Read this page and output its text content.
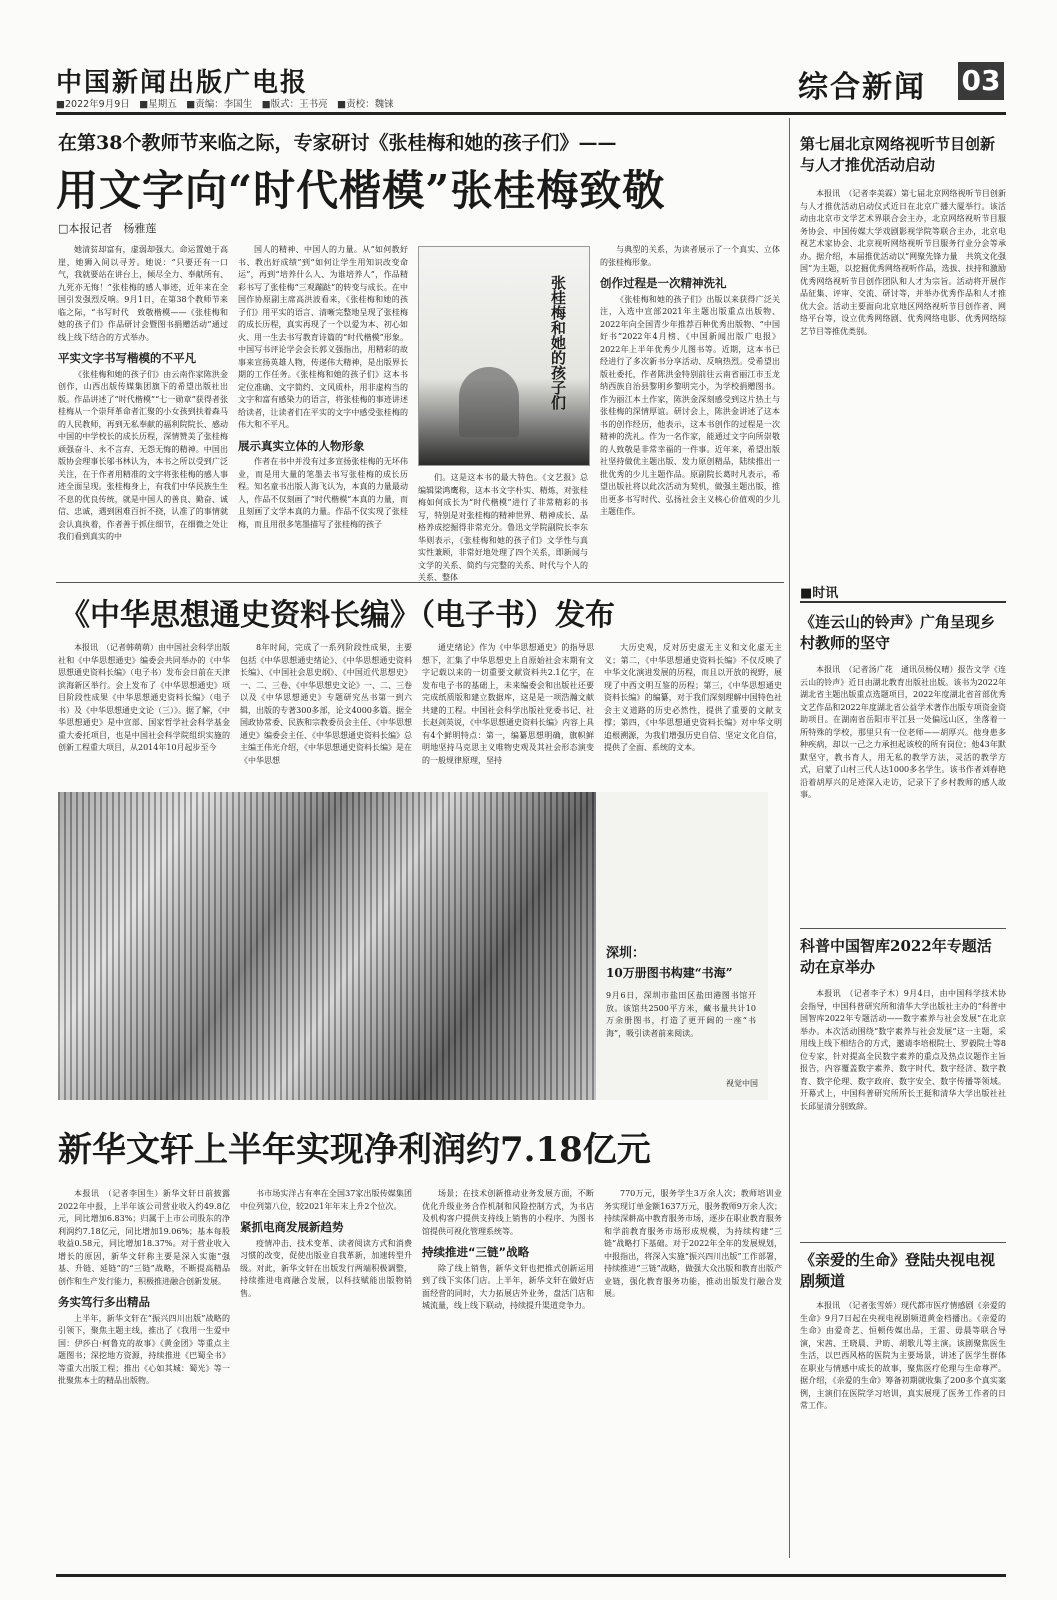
中国新闻出版广电报
■2022年9月9日　■星期五　■责编：李国生　■版式：王书亮　■责校：魏铼	综合新闻 03
在第38个教师节来临之际，专家研讨《张桂梅和她的孩子们》——
用文字向“时代楷模”张桂梅致敬
□本报记者　杨雅莲

她清贫却富有，虚弱却强大。命运置她于高崖，她狮入间以寻芳。她说：“只要还有一口气，我就要站在讲台上，倾尽全力、奉献所有、九死亦无悔！”张桂梅的感人事迹，近年来在全国引发强烈反响。9月1日，在第38个教师节来临之际，“书写时代　致敬楷模——《张桂梅和她的孩子们》作品研讨会暨图书捐赠活动”通过线上线下结合的方式举办。

平实文字书写楷模的不平凡

《张桂梅和她的孩子们》由云南作家陈洪金创作，山西出版传媒集团旗下的希望出版社出版。作品讲述了“时代楷模”“七一勋章”获得者张桂梅从一个崇拜革命者汇聚的小女孩到扶着森马的人民教师，再到无私奉献的福利院院长、感动中国的中学校长的成长历程，深情赞美了张桂梅顽强奋斗、永不言弃、无怨无悔的精神。中国出版协会理事长邬书林认为，本书之所以受到广泛关注，在于作者用精准的文字将张桂梅的感人事迹全面呈现。张桂梅身上，有我们中华民族生生不息的优良传统，就是中国人的善良、勤奋、诚信、忠诚，遇到困难百折不挠，认准了的事情就会认真执着，作者善于抓住细节，在细微之处让我们看到真实的中

国人的精神、中国人的力量。从“如何教好书、教出好成绩”到“如何让学生用知识改变命运”，再到“培养什么人、为谁培养人”，作品精彩书写了张桂梅“三观蹦跶”的转变与成长。在中国作协原副主席高洪波看来，《张桂梅和她的孩子们》用平实的语言、清晰完整地呈现了张桂梅的成长历程，真实再现了一个以爱为本、初心如火、用一生去书写教育诗篇的“时代楷模”形象。中国写书评论学会会长郭义强指出，用精彩的故事来宣扬英雄人物，传递伟大精神，是出版界长期的工作任务。《张桂梅和她的孩子们》这本书定位准确、文字简约、文风质朴，用非虚构当的文字和富有感染力的语言，将张桂梅的事迹讲述给读者，让读者们在平实的文字中感受张桂梅的伟大和不平凡。

展示真实立体的人物形象

作者在书中并没有过多宣扬张桂梅的无坏伟业，而是用大量的笔墨去书写张桂梅的成长历程。知名童书出版人海飞认为，本真的力量最动人，作品不仅刻画了“时代楷模”本真的力量，而且刻画了文学本真的力量。作品不仅实现了张桂梅，而且用很多笔墨描写了张桂梅的孩子

张桂梅和她的孩子们

们。这是这本书的最大特色。《文艺报》总编辑梁鸿鹰称，这本书文字朴实、精炼，对张桂梅如何成长为“时代楷模”进行了非常精彩的书写，特别是对张桂梅的精神世界、精神成长、品格养成挖掘得非常充分。鲁迅文学院副院长李东华则表示，《张桂梅和她的孩子们》文学性与真实性兼顾，非常好地处理了四个关系，即新闻与文学的关系、简约与完整的关系、时代与个人的关系、整体

与典型的关系，为读者展示了一个真实、立体的张桂梅形象。

创作过程是一次精神洗礼

《张桂梅和她的孩子们》出版以来获得广泛关注，入选中宣部2021年主题出版重点出版物、2022年向全国青少年推荐百种优秀出版物、“中国好书”2022年4月榜、《中国新闻出版广电报》2022年上半年优秀少儿图书等。近期，这本书已经进行了多次新书分享活动、反响热烈。受希望出版社委托，作者陈洪金特别前往云南省丽江市玉龙纳西族自治县黎明乡黎明完小，为学校捐赠图书。作为丽江本土作家，陈洪金深刻感受到这片热土与张桂梅的深情厚谊。研讨会上，陈洪金讲述了这本书的创作经历，他表示，这本书创作的过程是一次精神的洗礼。作为一名作家，能通过文字向所崇敬的人致敬是非常幸福的一件事。近年来，希望出版社坚持做优主题出版、发力原创精品，陆续推出一批优秀的少儿主题作品。原副院长葛时凡表示，希望出版社将以此次活动为契机，做强主题出版，推出更多书写时代、弘扬社会主义核心价值观的少儿主题佳作。

《中华思想通史资料长编》（电子书）发布

本报讯　（记者韩萌萌）由中国社会科学出版社和《中华思想通史》编委会共同举办的《中华思想通史资料长编》（电子书）发布会日前在天津滨海新区举行。会上发布了《中华思想通史》项目阶段性成果《中华思想通史资料长编》（电子书）及《中华思想通史文论（三）》。据了解，《中华思想通史》是中宣部、国家哲学社会科学基金重大委托项目，也是中国社会科学院组织实施的创新工程重大项目，从2014年10月起步至今

8年时间，完成了一系列阶段性成果，主要包括《中华思想通史绪论》、《中华思想通史资料长编》、《中国社会思史纲》、《中国近代思想史》一、二、三卷、《中华思想史文论》一、二、三卷以及《中华思想通史》专题研究丛书第一到六辑，出版的专著300多部，论文4000多篇。据全国政协常委、民族和宗教委员会主任、《中华思想通史》编委会主任、《中华思想通史资料长编》总主编王伟光介绍，《中华思想通史资料长编》是在《中华思想

通史绪论》作为《中华思想通史》的指导思想下，汇集了中华思想史上自原始社会末期有文字记载以来的一切重要文献资料共2.1亿字，在发布电子书的基础上，未来编委会和出版社还要完成纸质版和建立数据库，这是是一项浩瀚文献共建的工程。中国社会科学出版社党委书记、社长赵剑英说，《中华思想通史资料长编》内容上具有4个鲜明特点：第一，编纂思想明确，旗帜鲜明地坚持马克思主义唯物史观及其社会形态演变的一般规律原理，坚持

大历史观，反对历史虚无主义和文化虚无主义；第二，《中华思想通史资料长编》不仅反映了中华文化演进发展的历程，而且以开放的视野，展现了中西文明互鉴的历程；第三，《中华思想通史资料长编》的编纂，对于我们深刻理解中国特色社会主义道路的历史必然性，提供了重要的文献支撑；第四，《中华思想通史资料长编》对中华文明追根溯源，为我们增强历史自信、坚定文化自信，提供了全面、系统的文本。

深圳：
10万册图书构建“书海”
9月6日，深圳市盐田区盐田港图书馆开放。该馆共2500平方米，藏书量共计10万余册图书，打造了更开阔的一座“书海”，吸引读者前来阅读。
视觉中国
新华文轩上半年实现净利润约7.18亿元

本报讯　（记者李国生）新华文轩日前披露2022年中报，上半年该公司营业收入约49.8亿元，同比增加6.83%；归属于上市公司股东的净利润约7.18亿元，同比增加19.06%；基本每股收益0.58元，同比增加18.37%。对于营业收入增长的原因，新华文轩称主要是深入实施“强基、升链、延链”的“三链”战略，不断提高精品创作和生产发行能力，积极推进融合创新发展。

务实笃行多出精品

上半年，新华文轩在“振兴四川出版”战略的引领下，聚焦主题主线，推出了《我用一生爱中国：伊莎白·柯鲁克的故事》《黄金团》等重点主题图书；深挖地方资源，持续推进《巴蜀全书》等重大出版工程；推出《心如其城：蜀光》等一批聚焦本土的精品出版物。

书市场实洋占有率在全国37家出版传媒集团中位列第八位，较2021年年末上升2个位次。

紧抓电商发展新趋势

疫情冲击、技术变革、读者阅读方式和消费习惯的改变，促使出版业自我革新，加速转型升级。对此，新华文轩在出版发行两端积极调整，持续推进电商融合发展，以科技赋能出版物销售。

场景；在技术创新推动业务发展方面，不断优化升级业务合作机制和风险控制方式，为书店及机构客户提供支持线上销售的小程序、为图书馆提供可视化管理系统等。

持续推进“三链”战略

除了线上销售，新华文轩也把推式创新运用到了线下实体门店。上半年，新华文轩在做好店面经营的同时，大力拓展店外业务，盘活门店和城流量，线上线下联动，持续提升渠道竞争力。

770万元，服务学生3万余人次；教师培训业务实现订单金额1637万元，服务教师9万余人次；持续深耕高中教育服务市场，逐步在职业教育服务和学前教育服务市场形成规模，为持续构建“三链”战略打下基础。对于2022年全年的发展规划，中报指出，将深入实施“振兴四川出版”工作部署，持续推进“三链”战略，做强大众出版和教育出版产业链，强化教育服务功能，推动出版发行融合发展。

第七届北京网络视听节目创新与人才推优活动启动

本报讯　（记者李美霖）第七届北京网络视听节目创新与人才推优活动启动仪式近日在北京广播大厦举行。该活动由北京市文学艺术界联合会主办，北京网络视听节目服务协会、中国传媒大学戏剧影视学院等联合主办，北京电视艺术家协会、北京视听网络视听节目服务行业分会等承办。据介绍，本届推优活动以“网聚先锋力量　共筑文化强国”为主题，以挖掘优秀网络视听作品，选拔、扶持和激励优秀网络视听节目创作团队和人才为宗旨。活动将开展作品征集、评审、交流、研讨等，并举办优秀作品和人才推优大会。活动主要面向北京地区网络视听节目创作者、网络平台等，设立优秀网络剧、优秀网络电影、优秀网络综艺节目等推优类别。

■时讯
《连云山的铃声》广角呈现乡村教师的坚守

本报讯　（记者汤广花　通讯员杨仪晴）报告文学《连云山的铃声》近日由湖北教育出版社出版。该书为2022年湖北省主题出版重点选题项目，2022年度湖北省首部优秀文艺作品和2022年度湖北省公益学术著作出版专项资金资助项目。在湖南省岳阳市平江县一处偏远山区，坐落着一所特殊的学校，那里只有一位老师——胡厚兴。他身患多种疾病，却以一己之力承担起该校的所有岗位；他43年默默坚守，教书育人，用无私的教学方法，灵活的教学方式，启蒙了山村三代人达1000多名学生。该书作者刘春艳沿着胡厚兴的足迹深入走访，记录下了乡村教师的感人故事。

科普中国智库2022年专题活动在京举办

本报讯　（记者李子木）9月4日，由中国科学技术协会指导，中国科普研究所和清华大学出版社主办的“科普中国智库2022年专题活动——数字素养与社会发展”在北京举办。本次活动围绕“数字素养与社会发展”这一主题，采用线上线下相结合的方式，邀请李培根院士、罗毅院士等8位专家，针对提高全民数字素养的重点及热点议题作主旨报告，内容覆盖数字素养、数字时代、数字经济、数字教育、数字伦理、数字政府、数字安全、数字传播等领域。开幕式上，中国科普研究所所长王挺和清华大学出版社社长邱显清分别致辞。

《亲爱的生命》登陆央视电视剧频道

本报讯　（记者张雪娇）现代都市医疗情感剧《亲爱的生命》9月7日起在央视电视剧频道黄金档播出。《亲爱的生命》由爱奇艺、恒顿传媒出品，王雷、毋晨等联合导演，宋茜、王晓晨、尹昉、胡歌儿等主演。该剧聚焦医生生活，以巴西风格的医院为主要场景，讲述了医学生群体在职业与情感中成长的故事，聚焦医疗伦理与生命尊严。据介绍，《亲爱的生命》筹备初期就收集了200多个真实案例，主演们在医院学习培训，真实展现了医务工作者的日常工作。
